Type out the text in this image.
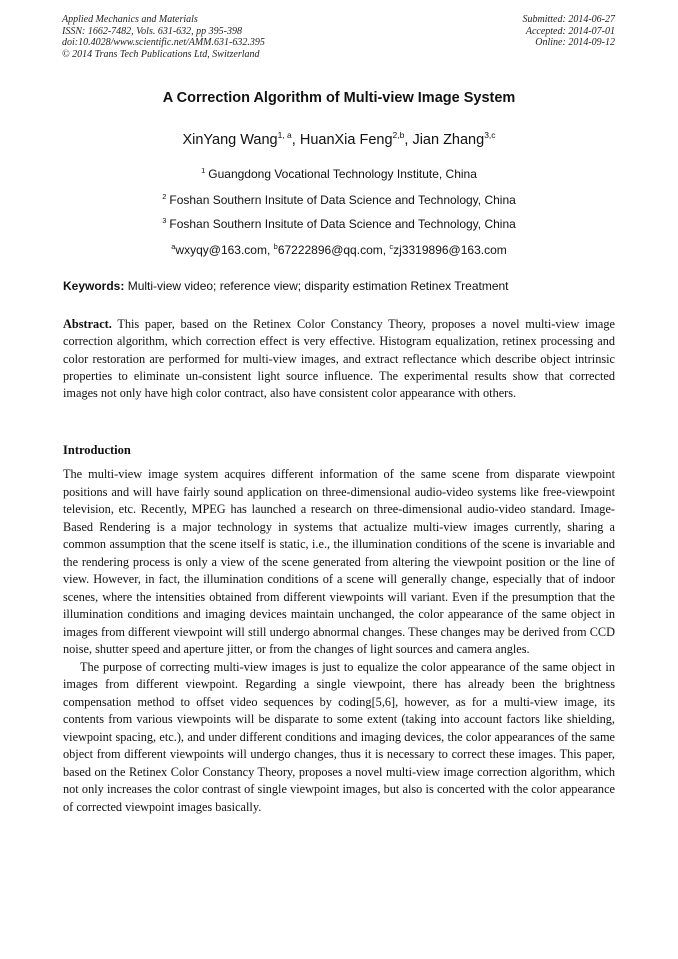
Applied Mechanics and Materials
ISSN: 1662-7482, Vols. 631-632, pp 395-398
doi:10.4028/www.scientific.net/AMM.631-632.395
© 2014 Trans Tech Publications Ltd, Switzerland
Submitted: 2014-06-27
Accepted: 2014-07-01
Online: 2014-09-12
A Correction Algorithm of Multi-view Image System
XinYang Wang$^{1, a}$, HuanXia Feng$^{2,b}$, Jian Zhang$^{3,c}$
$^1$ Guangdong Vocational Technology Institute, China
$^2$ Foshan Southern Insitute of Data Science and Technology, China
$^3$ Foshan Southern Insitute of Data Science and Technology, China
$^a$wxyqy@163.com, $^b$67222896@qq.com, $^c$zj3319896@163.com
Keywords: Multi-view video; reference view; disparity estimation Retinex Treatment
Abstract. This paper, based on the Retinex Color Constancy Theory, proposes a novel multi-view image correction algorithm, which correction effect is very effective. Histogram equalization, retinex processing and color restoration are performed for multi-view images, and extract reflectance which describe object intrinsic properties to eliminate un-consistent light source influence. The experimental results show that corrected images not only have high color contract, also have consistent color appearance with others.
Introduction

The multi-view image system acquires different information of the same scene from disparate viewpoint positions and will have fairly sound application on three-dimensional audio-video systems like free-viewpoint television, etc. Recently, MPEG has launched a research on three-dimensional audio-video standard. Image-Based Rendering is a major technology in systems that actualize multi-view images currently, sharing a common assumption that the scene itself is static, i.e., the illumination conditions of the scene is invariable and the rendering process is only a view of the scene generated from altering the viewpoint position or the line of view. However, in fact, the illumination conditions of a scene will generally change, especially that of indoor scenes, where the intensities obtained from different viewpoints will variant. Even if the presumption that the illumination conditions and imaging devices maintain unchanged, the color appearance of the same object in images from different viewpoint will still undergo abnormal changes. These changes may be derived from CCD noise, shutter speed and aperture jitter, or from the changes of light sources and camera angles.

The purpose of correcting multi-view images is just to equalize the color appearance of the same object in images from different viewpoint. Regarding a single viewpoint, there has already been the brightness compensation method to offset video sequences by coding[5,6], however, as for a multi-view image, its contents from various viewpoints will be disparate to some extent (taking into account factors like shielding, viewpoint spacing, etc.), and under different conditions and imaging devices, the color appearances of the same object from different viewpoints will undergo changes, thus it is necessary to correct these images. This paper, based on the Retinex Color Constancy Theory, proposes a novel multi-view image correction algorithm, which not only increases the color contrast of single viewpoint images, but also is concerted with the color appearance of corrected viewpoint images basically.
